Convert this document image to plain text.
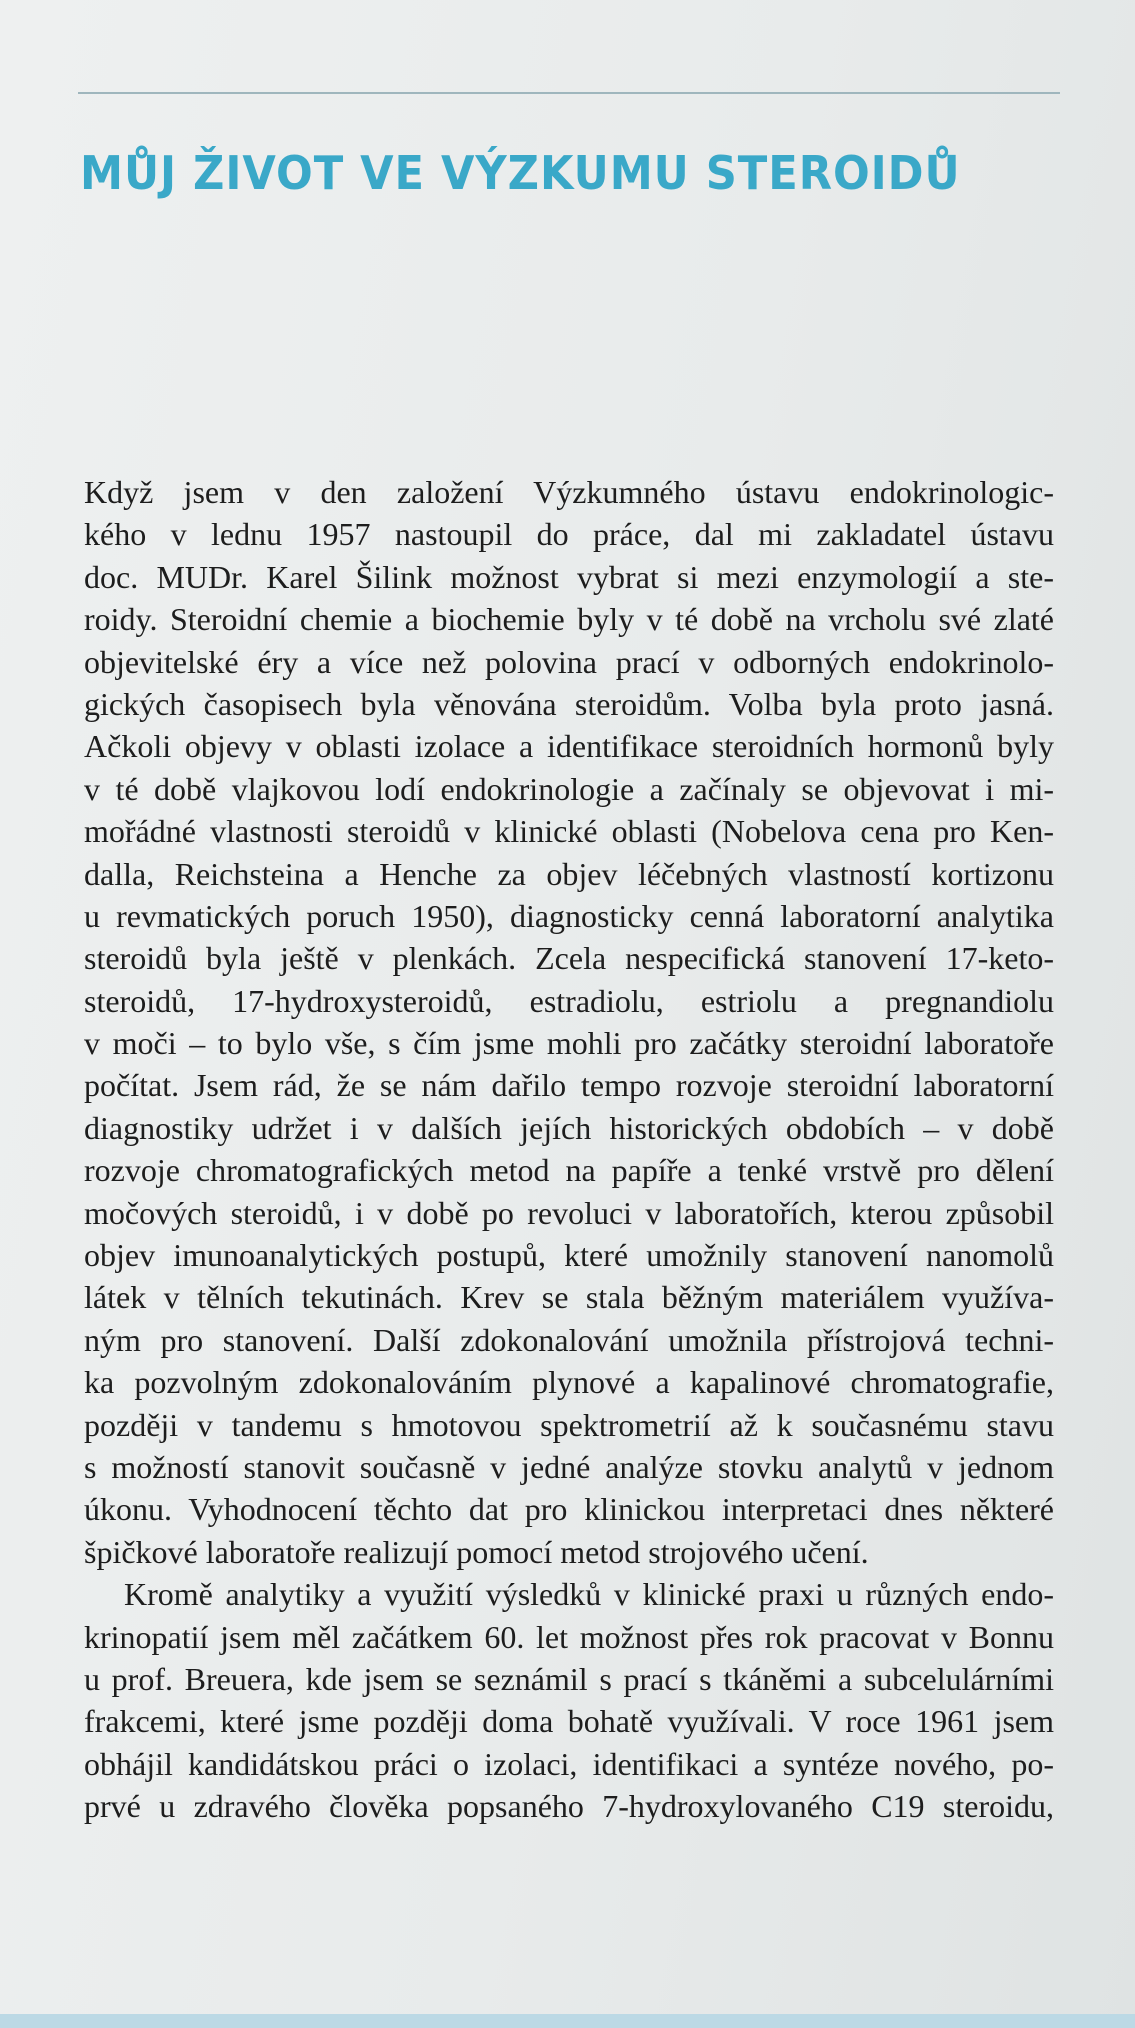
MŮJ ŽIVOT VE VÝZKUMU STEROIDŮ
Když jsem v den založení Výzkumného ústavu endokrinologic-
kého v lednu 1957 nastoupil do práce, dal mi zakladatel ústavu
doc. MUDr. Karel Šilink možnost vybrat si mezi enzymologií a ste-
roidy. Steroidní chemie a biochemie byly v té době na vrcholu své zlaté
objevitelské éry a více než polovina prací v odborných endokrinolo-
gických časopisech byla věnována steroidům. Volba byla proto jasná.
Ačkoli objevy v oblasti izolace a identifikace steroidních hormonů byly
v té době vlajkovou lodí endokrinologie a začínaly se objevovat i mi-
mořádné vlastnosti steroidů v klinické oblasti (Nobelova cena pro Ken-
dalla, Reichsteina a Henche za objev léčebných vlastností kortizonu
u revmatických poruch 1950), diagnosticky cenná laboratorní analytika
steroidů byla ještě v plenkách. Zcela nespecifická stanovení 17-keto-
steroidů, 17-hydroxysteroidů, estradiolu, estriolu a pregnandiolu
v moči – to bylo vše, s čím jsme mohli pro začátky steroidní laboratoře
počítat. Jsem rád, že se nám dařilo tempo rozvoje steroidní laboratorní
diagnostiky udržet i v dalších jejích historických obdobích – v době
rozvoje chromatografických metod na papíře a tenké vrstvě pro dělení
močových steroidů, i v době po revoluci v laboratořích, kterou způsobil
objev imunoanalytických postupů, které umožnily stanovení nanomolů
látek v tělních tekutinách. Krev se stala běžným materiálem využíva-
ným pro stanovení. Další zdokonalování umožnila přístrojová techni-
ka pozvolným zdokonalováním plynové a kapalinové chromatografie,
později v tandemu s hmotovou spektrometrií až k současnému stavu
s možností stanovit současně v jedné analýze stovku analytů v jednom
úkonu. Vyhodnocení těchto dat pro klinickou interpretaci dnes některé
špičkové laboratoře realizují pomocí metod strojového učení.
Kromě analytiky a využití výsledků v klinické praxi u různých endo-
krinopatií jsem měl začátkem 60. let možnost přes rok pracovat v Bonnu
u prof. Breuera, kde jsem se seznámil s prací s tkáněmi a subcelulárními
frakcemi, které jsme později doma bohatě využívali. V roce 1961 jsem
obhájil kandidátskou práci o izolaci, identifikaci a syntéze nového, po-
prvé u zdravého člověka popsaného 7-hydroxylovaného C19 steroidu,
